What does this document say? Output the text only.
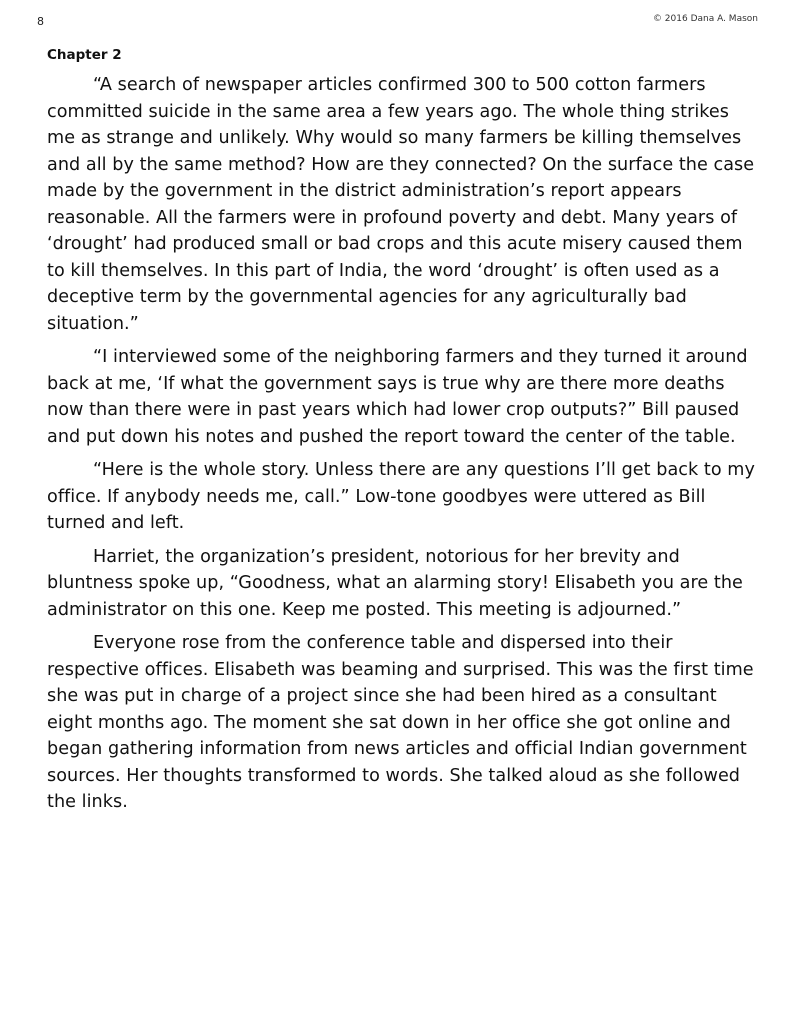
8	© 2016 Dana A. Mason
Chapter 2

“A search of newspaper articles confirmed 300 to 500 cotton farmers committed suicide in the same area a few years ago. The whole thing strikes me as strange and unlikely. Why would so many farmers be killing themselves and all by the same method? How are they connected? On the surface the case made by the government in the district administration’s report appears reasonable. All the farmers were in profound poverty and debt. Many years of ‘drought’ had produced small or bad crops and this acute misery caused them to kill themselves. In this part of India, the word ‘drought’ is often used as a deceptive term by the governmental agencies for any agriculturally bad situation.”

“I interviewed some of the neighboring farmers and they turned it around back at me, ‘If what the government says is true why are there more deaths now than there were in past years which had lower crop outputs?” Bill paused and put down his notes and pushed the report toward the center of the table.

“Here is the whole story. Unless there are any questions I’ll get back to my office. If anybody needs me, call.” Low-tone goodbyes were uttered as Bill turned and left.

Harriet, the organization’s president, notorious for her brevity and bluntness spoke up, “Goodness, what an alarming story! Elisabeth you are the administrator on this one. Keep me posted. This meeting is adjourned.”

Everyone rose from the conference table and dispersed into their respective offices. Elisabeth was beaming and surprised. This was the first time she was put in charge of a project since she had been hired as a consultant eight months ago. The moment she sat down in her office she got online and began gathering information from news articles and official Indian government sources. Her thoughts transformed to words. She talked aloud as she followed the links.
